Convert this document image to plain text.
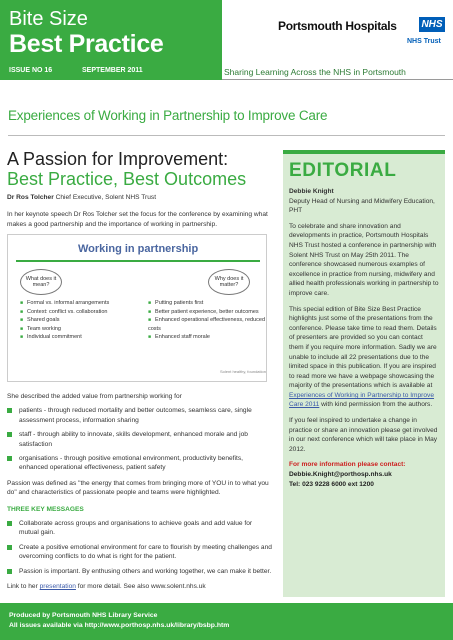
Bite Size
Best Practice
ISSUE NO 16	SEPTEMBER 2011
Portsmouth Hospitals NHS
NHS Trust
Sharing Learning Across the NHS in Portsmouth
Experiences of Working in Partnership to Improve Care
A Passion for Improvement:
Best Practice, Best Outcomes
Dr Ros Tolcher Chief Executive, Solent NHS Trust
In her keynote speech Dr Ros Tolcher set the focus for the conference by examining what makes a good partnership and the importance of working in partnership.
Working in partnership
What does it mean?
Why does it matter?
■ Formal vs. informal arrangements
■ Context: conflict vs. collaboration
■ Shared goals
■ Team working
■ Individual commitment
■ Putting patients first
■ Better patient experience, better outcomes
■ Enhanced operational effectiveness, reduced costs
■ Enhanced staff morale
Solent healthy, foundation
She described the added value from partnership working for
patients - through reduced mortality and better outcomes, seamless care, single assessment process, information sharing
staff - through ability to innovate, skills development, enhanced morale and job satisfaction
organisations - through positive emotional environment, productivity benefits, enhanced operational effectiveness, patient safety
Passion was defined as "the energy that comes from bringing more of YOU in to what you do" and characteristics of passionate people and teams were highlighted.
THREE KEY MESSAGES
Collaborate across groups and organisations to achieve goals and add value for mutual gain.
Create a positive emotional environment for care to flourish by meeting challenges and overcoming conflicts to do what is right for the patient.
Passion is important. By enthusing others and working together, we can make it better.
Link to her presentation for more detail. See also www.solent.nhs.uk
EDITORIAL

Debbie Knight
Deputy Head of Nursing and Midwifery Education, PHT

To celebrate and share innovation and developments in practice, Portsmouth Hospitals NHS Trust hosted a conference in partnership with Solent NHS Trust on May 25th 2011. The conference showcased numerous examples of excellence in practice from nursing, midwifery and allied health professionals working in partnership to improve care.

This special edition of Bite Size Best Practice highlights just some of the presentations from the conference. Please take time to read them. Details of presenters are provided so you can contact them if you require more information. Sadly we are unable to include all 22 presentations due to the limited space in this publication. If you are inspired to read more we have a webpage showcasing the majority of the presentations which is available at Experiences of Working in Partnership to Improve Care 2011 with kind permission from the authors.

If you feel inspired to undertake a change in practice or share an innovation please get involved in our next conference which will take place in May 2012.

For more information please contact:
Debbie.Knight@porthosp.nhs.uk
Tel: 023 9228 6000 ext 1200

Produced by Portsmouth NHS Library Service
All issues available via http://www.porthosp.nhs.uk/library/bsbp.htm
